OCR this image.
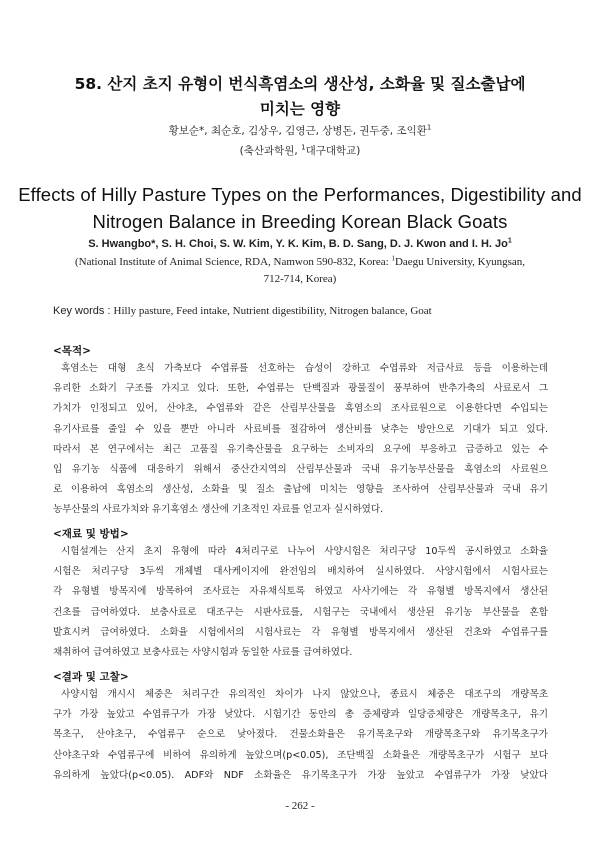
58. 산지 초지 유형이 번식흑염소의 생산성, 소화율 및 질소출납에
미치는 영향
황보순*, 최순호, 김상우, 김영근, 상병돈, 권두중, 조익환$^1$
(축산과학원, $^1$대구대학교)
Effects of Hilly Pasture Types on the Performances, Digestibility and
Nitrogen Balance in Breeding Korean Black Goats
S. Hwangbo*, S. H. Choi, S. W. Kim, Y. K. Kim, B. D. Sang, D. J. Kwon and I. H. Jo$^1$
(National Institute of Animal Science, RDA, Namwon 590-832, Korea: $^1$Daegu University, Kyungsan,
712-714, Korea)
Key words : Hilly pasture, Feed intake, Nutrient digestibility, Nitrogen balance, Goat
<목적>
흑염소는 대형 초식 가축보다 수엽류를 선호하는 습성이 강하고 수엽류와 저급사료 등을 이용하는데
유리한 소화기 구조를 가지고 있다. 또한, 수엽류는 단백질과 광물질이 풍부하여 반추가축의 사료로서 그
가치가 인정되고 있어, 산야초, 수엽류와 같은 산림부산물을 흑염소의 조사료원으로 이용한다면 수입되는
유기사료를 줄일 수 있을 뿐만 아니라 사료비를 절감하여 생산비를 낮추는 방안으로 기대가 되고 있다.
따라서 본 연구에서는 최근 고품질 유기축산물을 요구하는 소비자의 요구에 부응하고 급증하고 있는 수
입 유기농 식품에 대응하기 위해서 중산간지역의 산림부산물과 국내 유기농부산물을 흑염소의 사료원으
로 이용하여 흑염소의 생산성, 소화율 및 질소 출납에 미치는 영향을 조사하여 산림부산물과 국내 유기
농부산물의 사료가치와 유기흑염소 생산에 기초적인 자료를 얻고자 실시하였다.
<재료 및 방법>
시험설계는 산지 초지 유형에 따라 4처리구로 나누어 사양시험은 처리구당 10두씩 공시하였고 소화율
시험은 처리구당 3두씩 개체별 대사케이지에 완전임의 배치하여 실시하였다. 사양시험에서 시험사료는
각 유형별 방목지에 방목하여 조사료는 자유채식토록 하였고 사사기에는 각 유형별 방목지에서 생산된
건초를 급여하였다. 보충사료로 대조구는 시판사료를, 시험구는 국내에서 생산된 유기농 부산물을 혼합
발효시켜 급여하였다. 소화율 시험에서의 시험사료는 각 유형별 방목지에서 생산된 건초와 수엽류구를
채취하여 급여하였고 보충사료는 사양시험과 동일한 사료를 급여하였다.
<결과 및 고찰>
사양시험 개시시 체중은 처리구간 유의적인 차이가 나지 않았으나, 종료시 체중은 대조구의 개량목초
구가 가장 높았고 수엽류구가 가장 낮았다. 시험기간 동안의 총 증체량과 일당증체량은 개량목초구, 유기
목초구, 산야초구, 수엽류구 순으로 낮아졌다. 건물소화율은 유기목초구와 개량목초구와 유기목초구가
산야초구와 수엽류구에 비하여 유의하게 높았으며(p<0.05), 조단백질 소화율은 개량목초구가 시험구 보다
유의하게 높았다(p<0.05). ADF와 NDF 소화율은 유기목초구가 가장 높았고 수엽류구가 가장 낮았다
- 262 -
